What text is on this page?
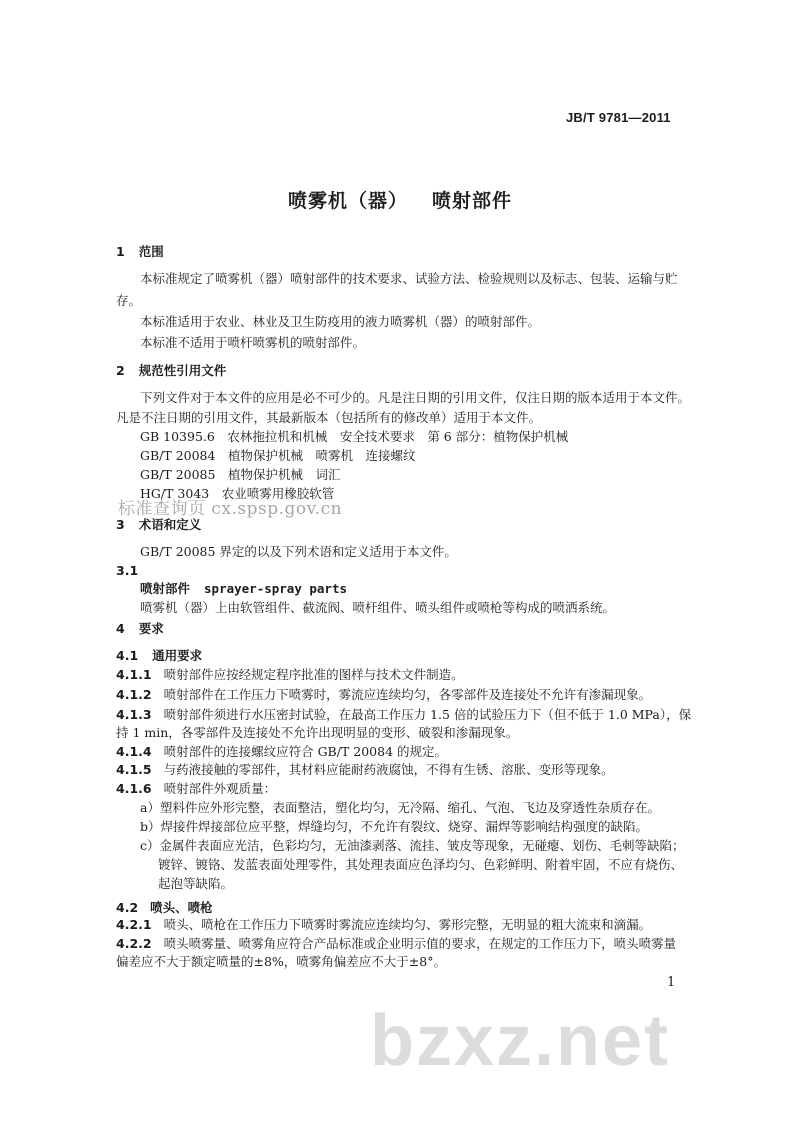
JB/T 9781—2011
喷雾机（器） 喷射部件
1 范围
本标准规定了喷雾机（器）喷射部件的技术要求、试验方法、检验规则以及标志、包装、运输与贮
存。
本标准适用于农业、林业及卫生防疫用的液力喷雾机（器）的喷射部件。
本标准不适用于喷杆喷雾机的喷射部件。
2 规范性引用文件
下列文件对于本文件的应用是必不可少的。凡是注日期的引用文件，仅注日期的版本适用于本文件。
凡是不注日期的引用文件，其最新版本（包括所有的修改单）适用于本文件。
GB 10395.6　农林拖拉机和机械　安全技术要求　第 6 部分：植物保护机械
GB/T 20084　植物保护机械　喷雾机　连接螺纹
GB/T 20085　植物保护机械　词汇
HG/T 3043　农业喷雾用橡胶软管
标准查询页 cx.spsp.gov.cn
3 术语和定义
GB/T 20085 界定的以及下列术语和定义适用于本文件。
3.1
喷射部件 sprayer-spray parts
喷雾机（器）上由软管组件、截流阀、喷杆组件、喷头组件或喷枪等构成的喷洒系统。
4 要求
4.1 通用要求
4.1.1 喷射部件应按经规定程序批准的图样与技术文件制造。
4.1.2 喷射部件在工作压力下喷雾时，雾流应连续均匀，各零部件及连接处不允许有渗漏现象。
4.1.3 喷射部件须进行水压密封试验，在最高工作压力 1.5 倍的试验压力下（但不低于 1.0 MPa），保
持 1 min，各零部件及连接处不允许出现明显的变形、破裂和渗漏现象。
4.1.4 喷射部件的连接螺纹应符合 GB/T 20084 的规定。
4.1.5 与药液接触的零部件，其材料应能耐药液腐蚀，不得有生锈、溶胀、变形等现象。
4.1.6 喷射部件外观质量：
a）塑料件应外形完整，表面整洁，塑化均匀，无冷隔、缩孔、气泡、飞边及穿透性杂质存在。
b）焊接件焊接部位应平整，焊缝均匀，不允许有裂纹、烧穿、漏焊等影响结构强度的缺陷。
c）金属件表面应光洁，色彩均匀，无油漆剥落、流挂、皱皮等现象，无碰瘪、划伤、毛刺等缺陷；
镀锌、镀铬、发蓝表面处理零件，其处理表面应色泽均匀、色彩鲜明、附着牢固，不应有烧伤、
起泡等缺陷。
4.2 喷头、喷枪
4.2.1 喷头、喷枪在工作压力下喷雾时雾流应连续均匀、雾形完整，无明显的粗大流束和滴漏。
4.2.2 喷头喷雾量、喷雾角应符合产品标准或企业明示值的要求，在规定的工作压力下，喷头喷雾量
偏差应不大于额定喷量的±8%，喷雾角偏差应不大于±8°。
1
bzxz.net
